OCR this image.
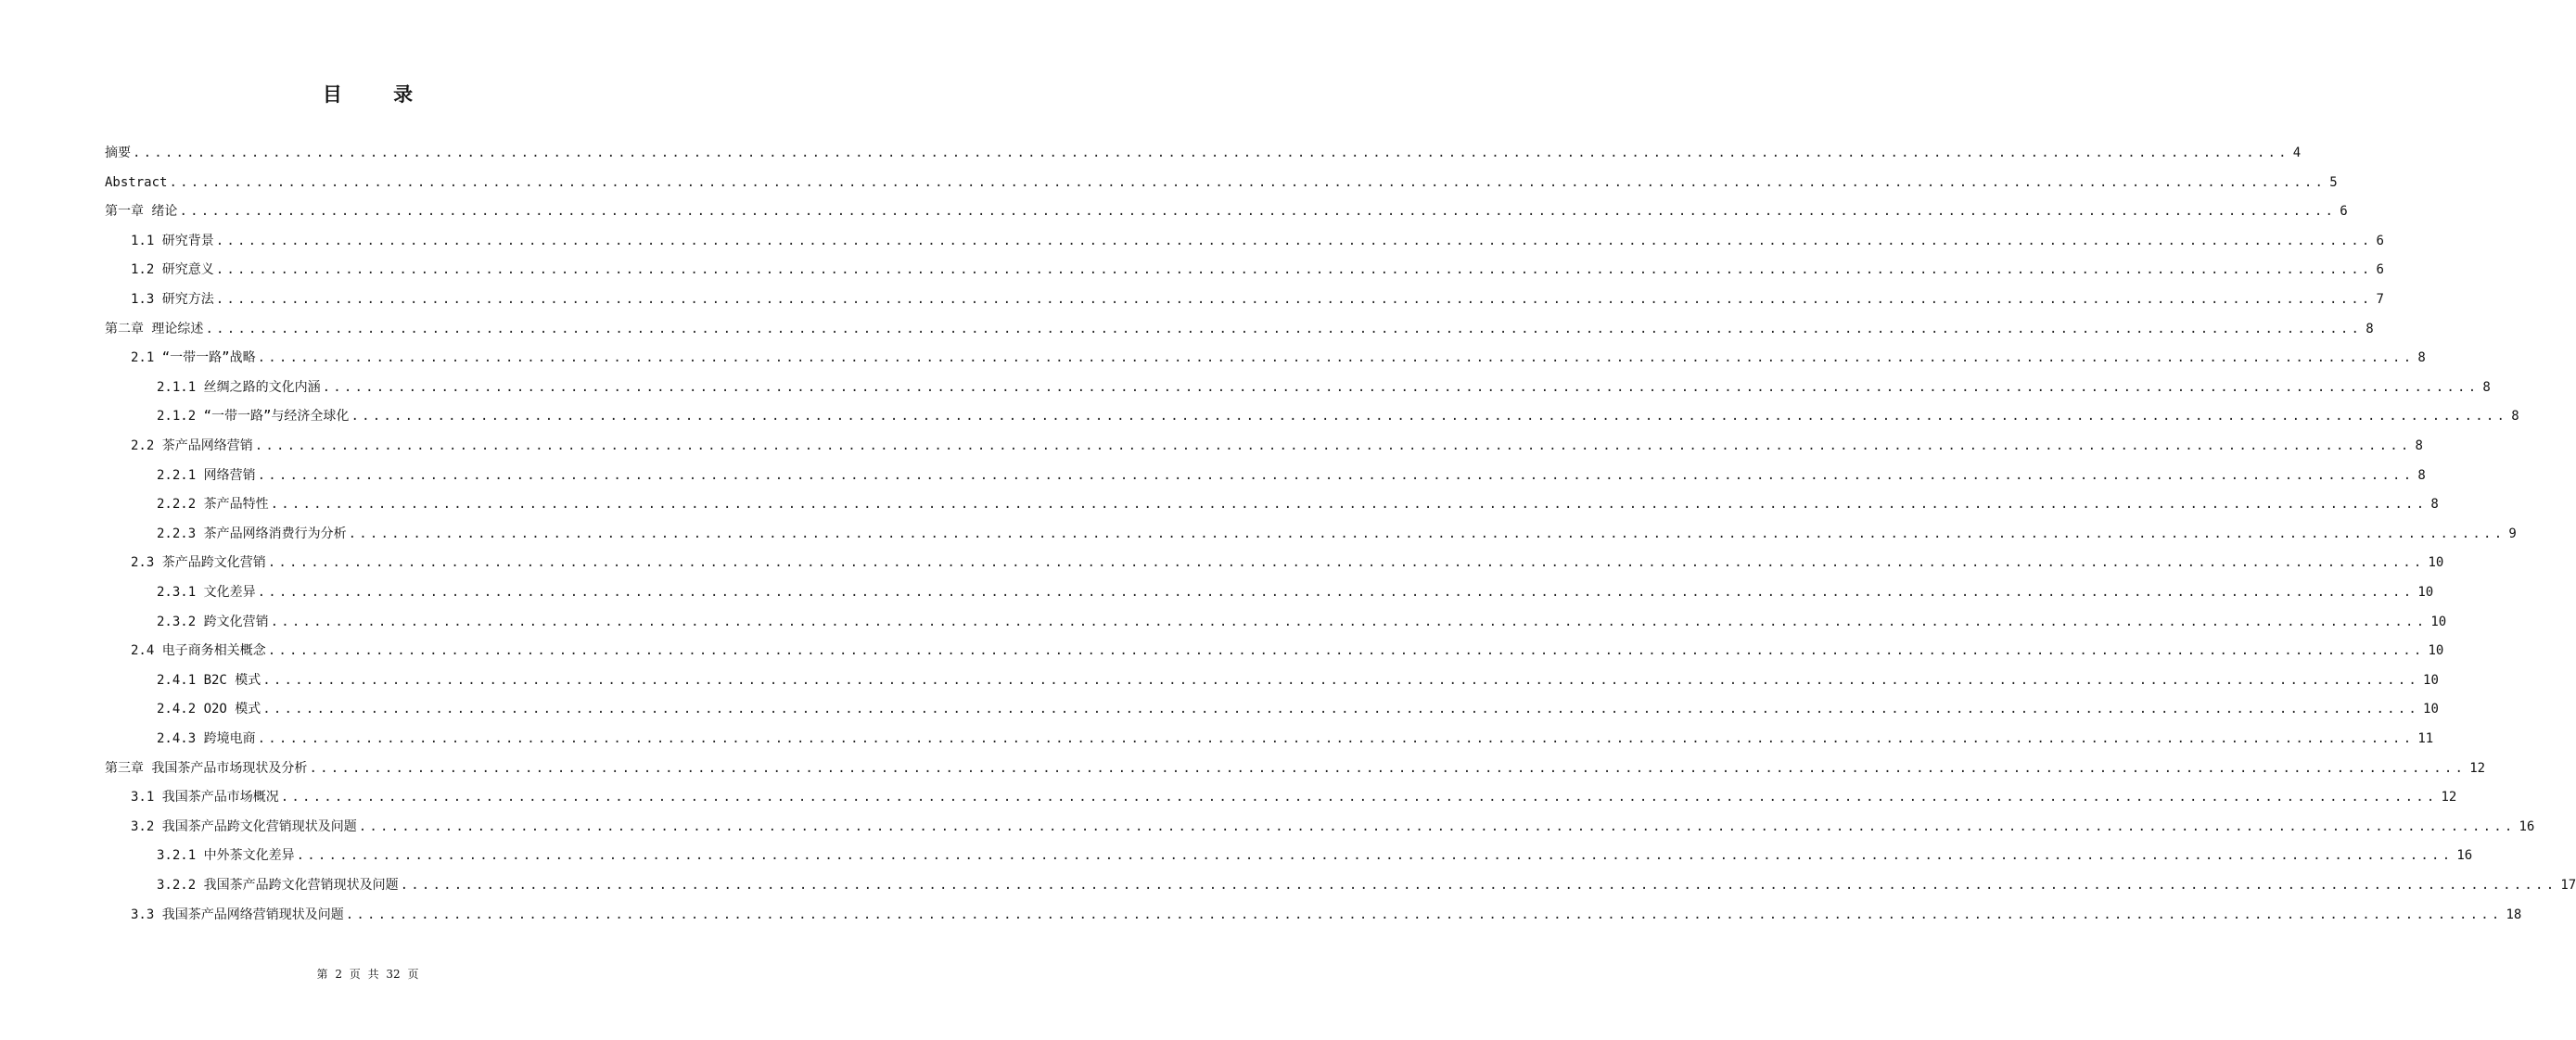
目 录
摘要 ........................................................................................................................................................................................................ 4
Abstract ........................................................................................................................................................................................................ 5
第一章 绪论 ........................................................................................................................................................................................................ 6
1.1 研究背景 ........................................................................................................................................................................................................ 6
1.2 研究意义 ........................................................................................................................................................................................................ 6
1.3 研究方法 ........................................................................................................................................................................................................ 7
第二章 理论综述 ........................................................................................................................................................................................................ 8
2.1 “一带一路”战略 ........................................................................................................................................................................................................ 8
2.1.1 丝绸之路的文化内涵 ........................................................................................................................................................................................................ 8
2.1.2 “一带一路”与经济全球化 ........................................................................................................................................................................................................ 8
2.2 茶产品网络营销 ........................................................................................................................................................................................................ 8
2.2.1 网络营销 ........................................................................................................................................................................................................ 8
2.2.2 茶产品特性 ........................................................................................................................................................................................................ 8
2.2.3 茶产品网络消费行为分析 ........................................................................................................................................................................................................ 9
2.3 茶产品跨文化营销 ........................................................................................................................................................................................................ 10
2.3.1 文化差异 ........................................................................................................................................................................................................ 10
2.3.2 跨文化营销 ........................................................................................................................................................................................................ 10
2.4 电子商务相关概念 ........................................................................................................................................................................................................ 10
2.4.1 B2C 模式 ........................................................................................................................................................................................................ 10
2.4.2 O2O 模式 ........................................................................................................................................................................................................ 10
2.4.3 跨境电商 ........................................................................................................................................................................................................ 11
第三章 我国茶产品市场现状及分析 ........................................................................................................................................................................................................ 12
3.1 我国茶产品市场概况 ........................................................................................................................................................................................................ 12
3.2 我国茶产品跨文化营销现状及问题 ........................................................................................................................................................................................................ 16
3.2.1 中外茶文化差异 ........................................................................................................................................................................................................ 16
3.2.2 我国茶产品跨文化营销现状及问题 ........................................................................................................................................................................................................ 17
3.3 我国茶产品网络营销现状及问题 ........................................................................................................................................................................................................ 18
第 2 页 共 32 页
